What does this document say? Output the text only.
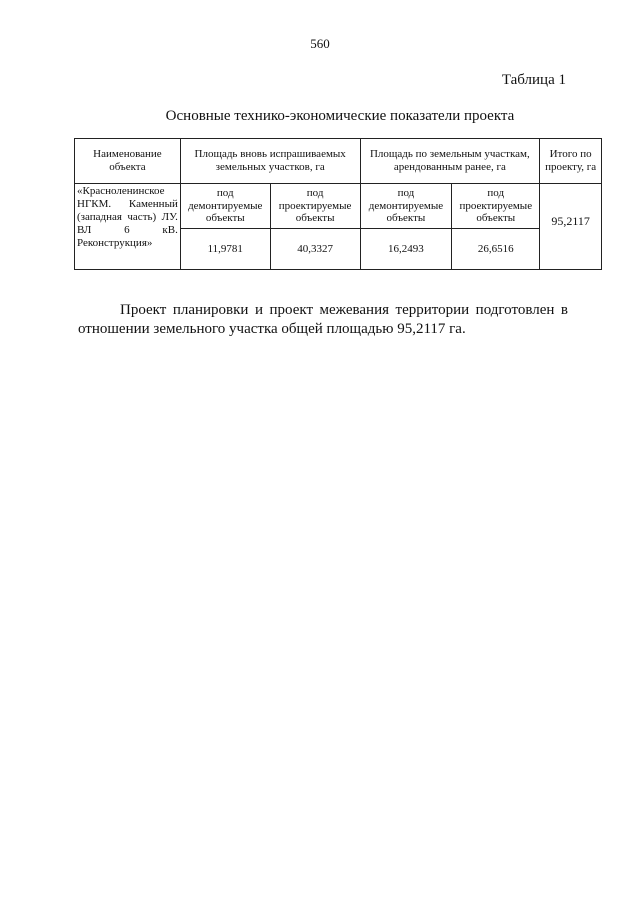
560
Таблица 1
Основные технико-экономические показатели проекта
Наименование объекта	Площадь вновь испрашиваемых земельных участков, га		Площадь по земельным участкам, арендованным ранее, га		Итого по проекту, га
«Красноленинское НГКМ. Каменный (западная часть) ЛУ. ВЛ 6 кВ. Реконструкция»	под демонтируемые объекты	под проектируемые объекты	под демонтируемые объекты	под проектируемые объекты	95,2117
	11,9781	40,3327	16,2493	26,6516	

Проект планировки и проект межевания территории подготовлен в отношении земельного участка общей площадью 95,2117 га.
